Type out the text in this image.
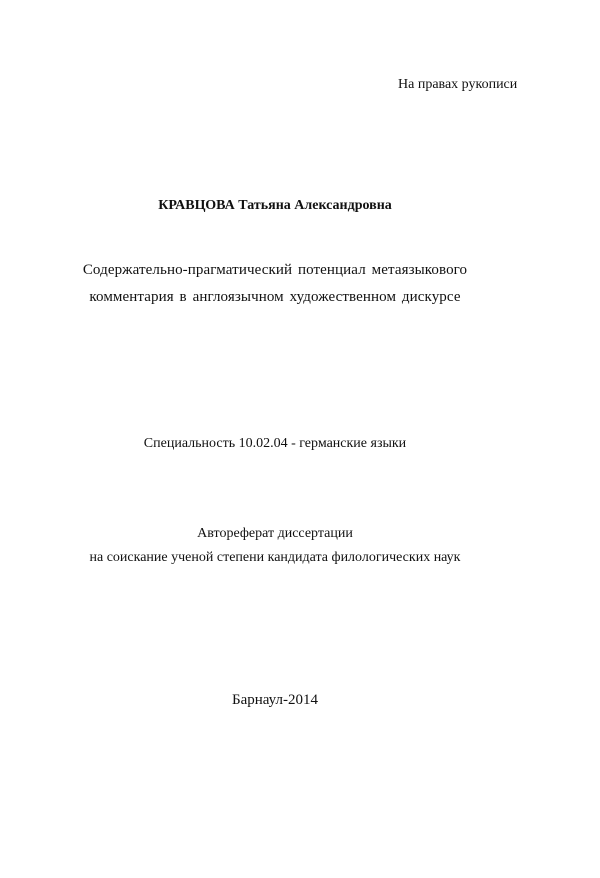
На правах рукописи
КРАВЦОВА Татьяна Александровна
Содержательно-прагматический потенциал метаязыкового
комментария в англоязычном художественном дискурсе
Специальность 10.02.04 - германские языки
Автореферат диссертации
на соискание ученой степени кандидата филологических наук
Барнаул-2014
